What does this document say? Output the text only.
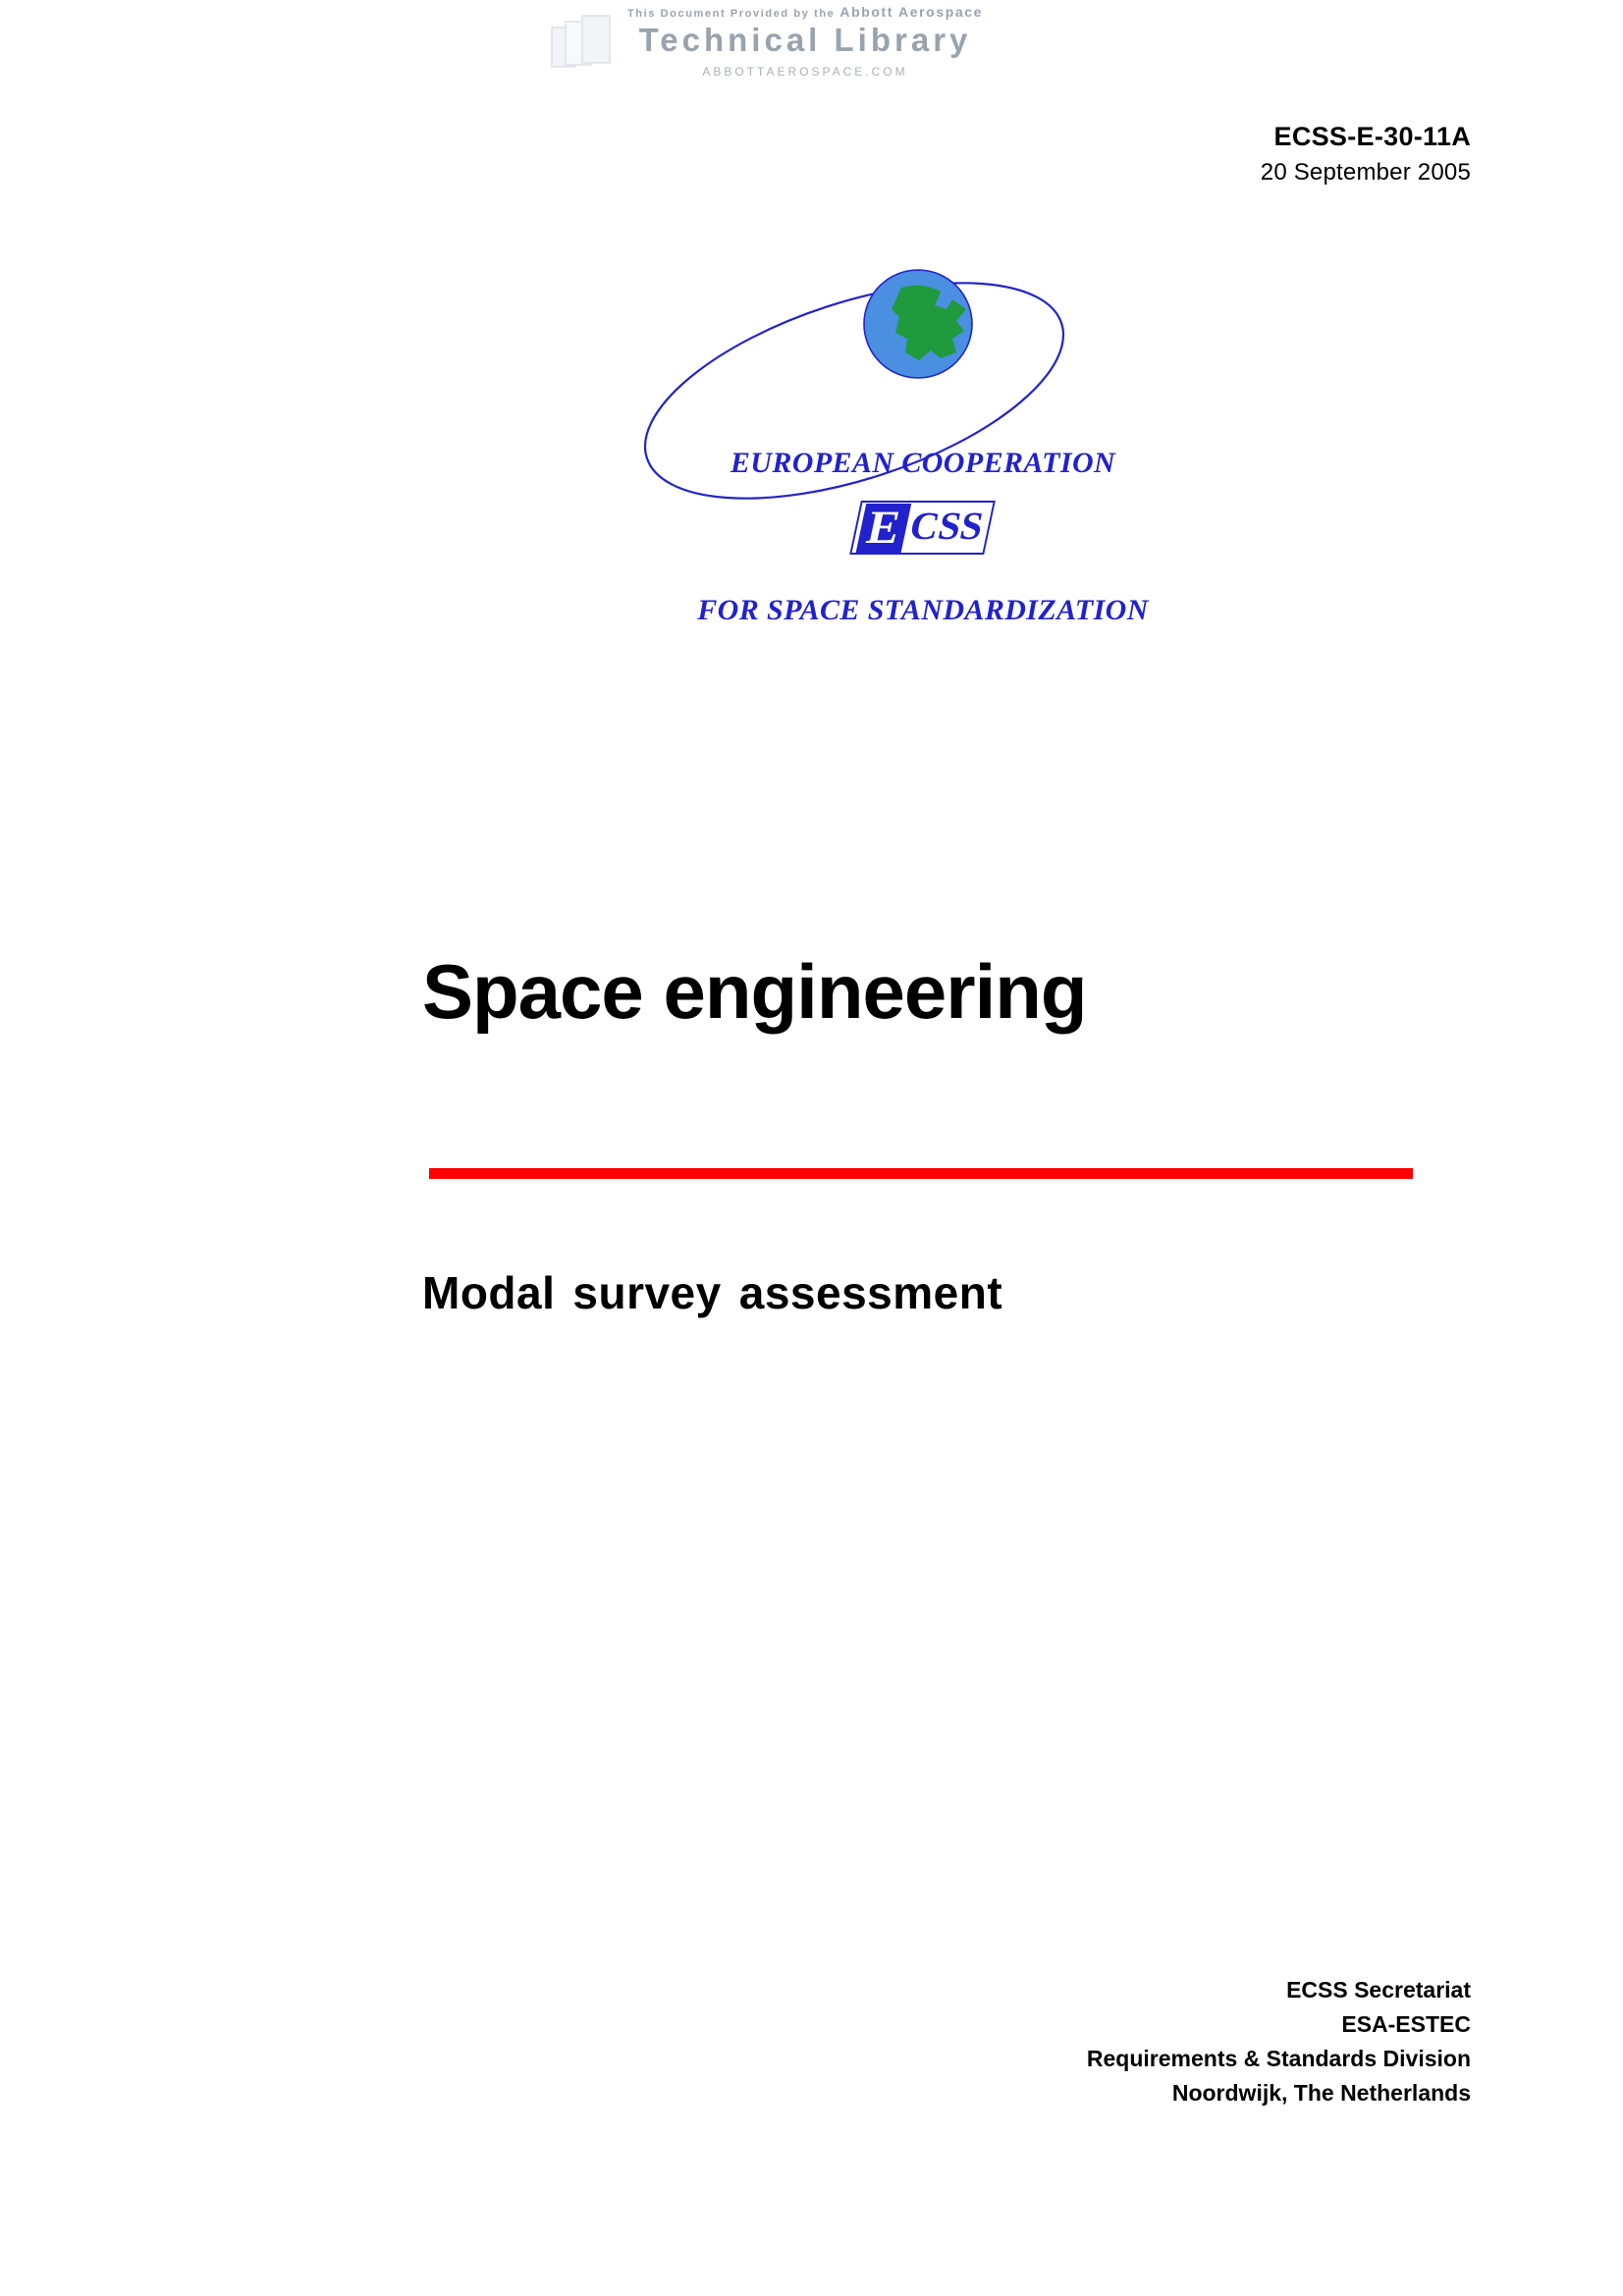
This Document Provided by the Abbott Aerospace
Technical Library
ABBOTTAEROSPACE.COM
ECSS-E-30-11A
20 September 2005
EUROPEAN COOPERATION
ECSS
FOR SPACE STANDARDIZATION
Space engineering
Modal survey assessment
ECSS Secretariat
ESA-ESTEC
Requirements & Standards Division
Noordwijk, The Netherlands
